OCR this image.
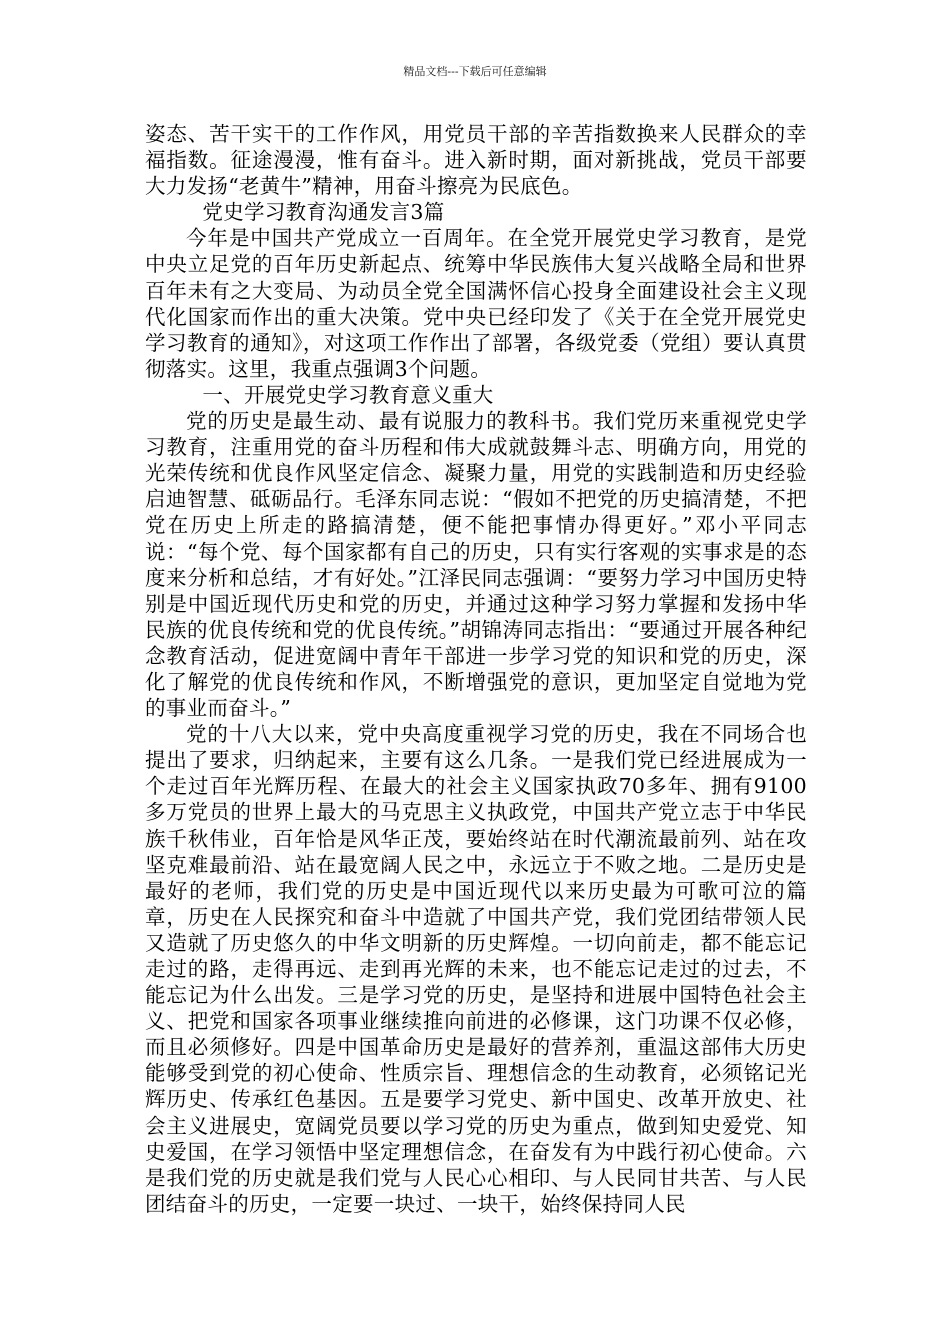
精品文档---下载后可任意编辑

姿态、苦干实干的工作作风，用党员干部的辛苦指数换来人民群众的幸福指数。征途漫漫，惟有奋斗。进入新时期，面对新挑战，党员干部要大力发扬“老黄牛”精神，用奋斗擦亮为民底色。

党史学习教育沟通发言3篇

今年是中国共产党成立一百周年。在全党开展党史学习教育，是党中央立足党的百年历史新起点、统筹中华民族伟大复兴战略全局和世界百年未有之大变局、为动员全党全国满怀信心投身全面建设社会主义现代化国家而作出的重大决策。党中央已经印发了《关于在全党开展党史学习教育的通知》，对这项工作作出了部署，各级党委（党组）要认真贯彻落实。这里，我重点强调3个问题。

一、开展党史学习教育意义重大

党的历史是最生动、最有说服力的教科书。我们党历来重视党史学习教育，注重用党的奋斗历程和伟大成就鼓舞斗志、明确方向，用党的光荣传统和优良作风坚定信念、凝聚力量，用党的实践制造和历史经验启迪智慧、砥砺品行。毛泽东同志说：“假如不把党的历史搞清楚，不把党在历史上所走的路搞清楚，便不能把事情办得更好。”邓小平同志说：“每个党、每个国家都有自己的历史，只有实行客观的实事求是的态度来分析和总结，才有好处。”江泽民同志强调：“要努力学习中国历史特别是中国近现代历史和党的历史，并通过这种学习努力掌握和发扬中华民族的优良传统和党的优良传统。”胡锦涛同志指出：“要通过开展各种纪念教育活动，促进宽阔中青年干部进一步学习党的知识和党的历史，深化了解党的优良传统和作风，不断增强党的意识，更加坚定自觉地为党的事业而奋斗。”

党的十八大以来，党中央高度重视学习党的历史，我在不同场合也提出了要求，归纳起来，主要有这么几条。一是我们党已经进展成为一个走过百年光辉历程、在最大的社会主义国家执政70多年、拥有9100多万党员的世界上最大的马克思主义执政党，中国共产党立志于中华民族千秋伟业，百年恰是风华正茂，要始终站在时代潮流最前列、站在攻坚克难最前沿、站在最宽阔人民之中，永远立于不败之地。二是历史是最好的老师，我们党的历史是中国近现代以来历史最为可歌可泣的篇章，历史在人民探究和奋斗中造就了中国共产党，我们党团结带领人民又造就了历史悠久的中华文明新的历史辉煌。一切向前走，都不能忘记走过的路，走得再远、走到再光辉的未来，也不能忘记走过的过去，不能忘记为什么出发。三是学习党的历史，是坚持和进展中国特色社会主义、把党和国家各项事业继续推向前进的必修课，这门功课不仅必修，而且必须修好。四是中国革命历史是最好的营养剂，重温这部伟大历史能够受到党的初心使命、性质宗旨、理想信念的生动教育，必须铭记光辉历史、传承红色基因。五是要学习党史、新中国史、改革开放史、社会主义进展史，宽阔党员要以学习党的历史为重点，做到知史爱党、知史爱国，在学习领悟中坚定理想信念，在奋发有为中践行初心使命。六是我们党的历史就是我们党与人民心心相印、与人民同甘共苦、与人民团结奋斗的历史，一定要一块过、一块干，始终保持同人民
